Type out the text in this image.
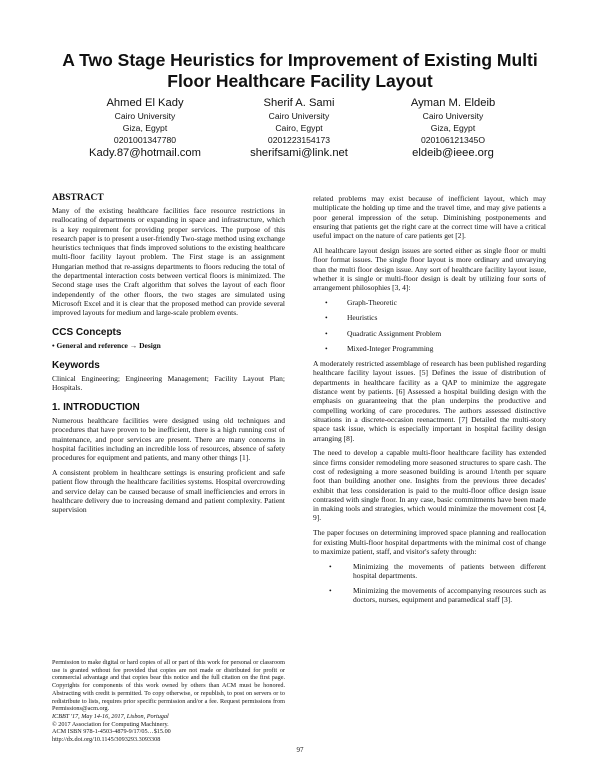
A Two Stage Heuristics for Improvement of Existing Multi Floor Healthcare Facility Layout
Ahmed El Kady
Cairo University
Giza, Egypt
0201001347780
Kady.87@hotmail.com
Sherif A. Sami
Cairo University
Cairo, Egypt
0201223154173
sherifsami@link.net
Ayman M. Eldeib
Cairo University
Giza, Egypt
020106121345O
eldeib@ieee.org
ABSTRACT

Many of the existing healthcare facilities face resource restrictions in reallocating of departments or expanding in space and infrastructure, which is a key requirement for providing proper services. The purpose of this research paper is to present a user-friendly Two-stage method using exchange heuristics techniques that finds improved solutions to the existing healthcare multi-floor facility layout problem. The First stage is an assignment Hungarian method that re-assigns departments to floors reducing the total of the departmental interaction costs between vertical floors is minimized. The Second stage uses the Craft algorithm that solves the layout of each floor independently of the other floors, the two stages are simulated using Microsoft Excel and it is clear that the proposed method can provide several improved layouts for medium and large-scale problem events.

CCS Concepts

• General and reference → Design

Keywords

Clinical Engineering; Engineering Management; Facility Layout Plan; Hospitals.

1. INTRODUCTION

Numerous healthcare facilities were designed using old techniques and procedures that have proven to be inefficient, there is a high running cost of maintenance, and poor services are present. There are many concerns in hospital facilities including an incredible loss of resources, absence of safety procedures for equipment and patients, and many other things [1].

A consistent problem in healthcare settings is ensuring proficient and safe patient flow through the healthcare facilities systems. Hospital overcrowding and service delay can be caused because of small inefficiencies and errors in healthcare delivery due to increasing demand and patient complexity. Patient supervision

Permission to make digital or hard copies of all or part of this work for personal or classroom use is granted without fee provided that copies are not made or distributed for profit or commercial advantage and that copies bear this notice and the full citation on the first page. Copyrights for components of this work owned by others than ACM must be honored. Abstracting with credit is permitted. To copy otherwise, or republish, to post on servers or to redistribute to lists, requires prior specific permission and/or a fee. Request permissions from Permissions@acm.org.

ICBBT '17, May 14-16, 2017, Lisbon, Portugal

© 2017 Association for Computing Machinery.

ACM ISBN 978-1-4503-4879-9/17/05…$15.00

http://dx.doi.org/10.1145/3093293.3093308

related problems may exist because of inefficient layout, which may multiplicate the holding up time and the travel time, and may give patients a poor general impression of the setup. Diminishing postponements and ensuring that patients get the right care at the correct time will have a critical useful impact on the nature of care patients get [2].

All healthcare layout design issues are sorted either as single floor or multi floor format issues. The single floor layout is more ordinary and unvarying than the multi floor design issue. Any sort of healthcare facility layout issue, whether it is single or multi-floor design is dealt by utilizing four sorts of arrangement philosophies [3, 4]:

•	Graph-Theoretic
•	Heuristics
•	Quadratic Assignment Problem
•	Mixed-Integer Programming

A moderately restricted assemblage of research has been published regarding healthcare facility layout issues. [5] Defines the issue of distribution of departments in healthcare facility as a QAP to minimize the aggregate distance went by patients. [6] Assessed a hospital building design with the emphasis on guaranteeing that the plan underpins the productive and compelling working of care procedures. The authors assessed distinctive situations in a discrete-occasion reenactment. [7] Detailed the multi-story space task issue, which is especially important in hospital facility design arranging [8].

The need to develop a capable multi-floor healthcare facility has extended since firms consider remodeling more seasoned structures to spare cash. The cost of redesigning a more seasoned building is around 1/tenth per square foot than building another one. Insights from the previous three decades' exhibit that less consideration is paid to the multi-floor office design issue contrasted with single floor. In any case, basic commitments have been made in making tools and strategies, which would minimize the movement cost [4, 9].

The paper focuses on determining improved space planning and reallocation for existing Multi-floor hospital departments with the minimal cost of change to maximize patient, staff, and visitor's safety through:

•	Minimizing the movements of patients between different hospital departments.
•	Minimizing the movements of accompanying resources such as doctors, nurses, equipment and paramedical staff [3].
97
